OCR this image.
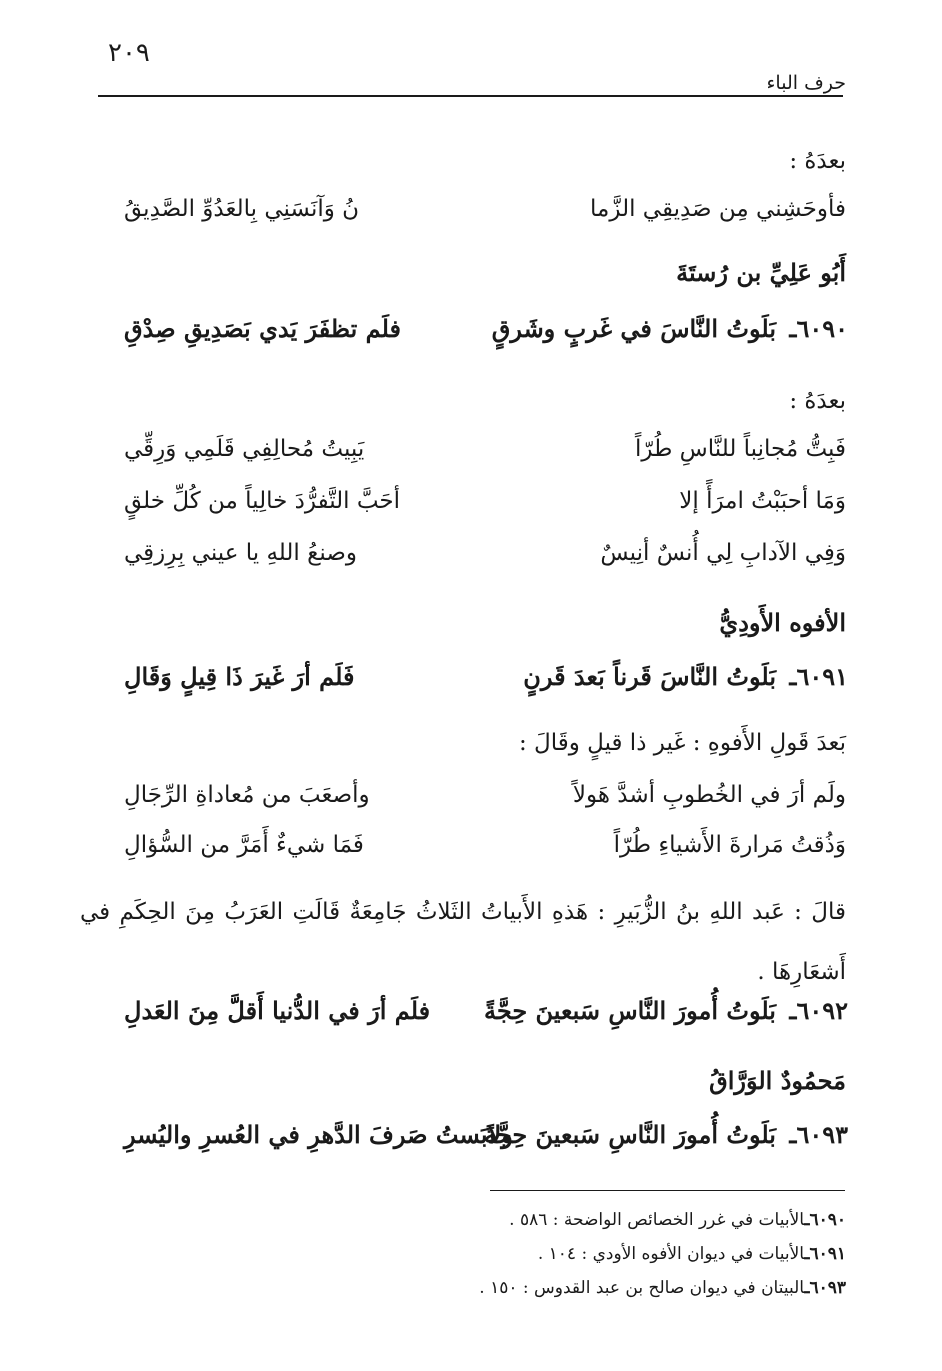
٢٠٩
حرف الباء
بعدَهُ :
فأوحَشِني مِن صَدِيقِي الزَّما
نُ وَآنَسَنِي بِالعَدُوِّ الصَّدِيقُ
أَبُو عَلِيِّ بن رُستَةَ
٦٠٩٠ـ
بَلَوتُ النَّاسَ في غَربٍ وشَرقٍ
فلَم تظفَرَ يَدي بَصَدِيقِ صِدْقِ
بعدَهُ :
فَبِتُّ مُجانِباً للنَّاسِ طُرّاً
يَبِيتُ مُحالِفِي قَلَمِي وَرِقِّي
وَمَا أحبَبْتُ امرَأً إلا
أحَبَّ التَّفرُّدَ خالِياً من كُلِّ خلقٍ
وَفِي الآدابِ لِي أُنسٌ أنِيسٌ
وصنعُ اللهِ يا عيني بِرِزقِي
الأفوه الأَودِيُّ
٦٠٩١ـ
بَلَوتُ النَّاسَ قَرناً بَعدَ قَرنٍ
فَلَم أرَ غَيرَ ذَا قِيلٍ وَقَالِ
بَعدَ قَولِ الأَفوهِ : غَير ذا قيلٍ وقَالَ :
ولَم أرَ في الخُطوبِ أشدَّ هَولاً
وأصعَبَ من مُعاداةِ الرِّجَالِ
وَذُقتُ مَرارةَ الأَشياءِ طُرّاً
فَمَا شيءٌ أَمَرَّ من السُّؤالِ
قالَ : عَبد اللهِ بنُ الزُّبَيرِ : هَذهِ الأَبياتُ الثَلاثُ جَامِعَةٌ قَالَتِ العَرَبُ مِنَ الحِكَمِ في أَشعَارِهَا .
٦٠٩٢ـ
بَلَوتُ أُمورَ النَّاسِ سَبعينَ حِجَّةً
فلَم أرَ في الدُّنيا أَقلَّ مِنَ العَدلِ
مَحمُودٌ الوَرَّاقُ
٦٠٩٣ـ
بَلَوتُ أُمورَ النَّاسِ سَبعينَ حِجَّةً
ولابَستُ صَرفَ الدَّهرِ في العُسرِ واليُسرِ
٦٠٩٠ـالأبيات في غرر الخصائص الواضحة : ٥٨٦ .
٦٠٩١ـالأبيات في ديوان الأفوه الأودي : ١٠٤ .
٦٠٩٣ـالبيتان في ديوان صالح بن عبد القدوس : ١٥٠ .
